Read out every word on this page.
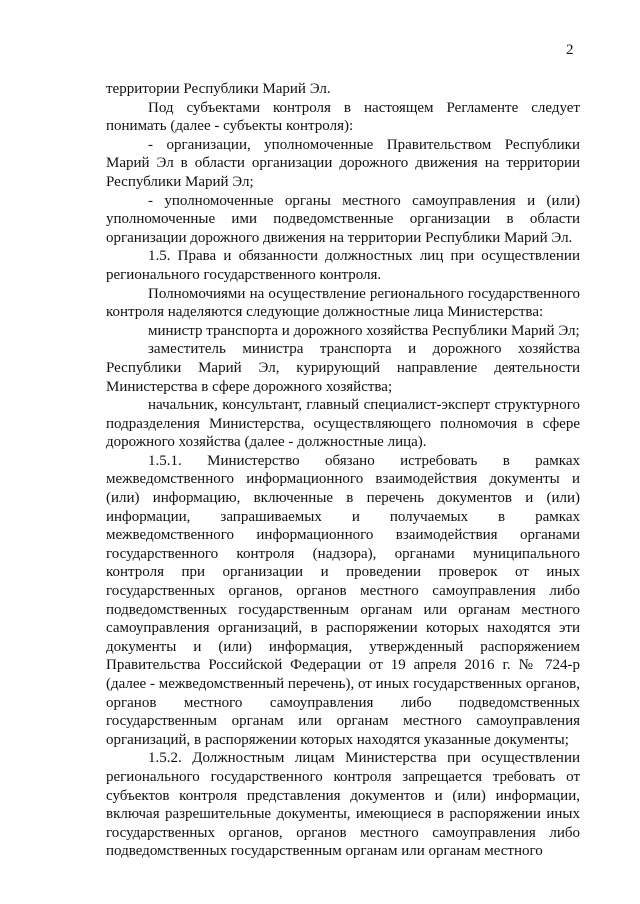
2

территории Республики Марий Эл.

Под субъектами контроля в настоящем Регламенте следует понимать (далее - субъекты контроля):

- организации, уполномоченные Правительством Республики Марий Эл в области организации дорожного движения на территории Республики Марий Эл;

- уполномоченные органы местного самоуправления и (или) уполномоченные ими подведомственные организации в области организации дорожного движения на территории Республики Марий Эл.

1.5. Права и обязанности должностных лиц при осуществлении регионального государственного контроля.

Полномочиями на осуществление регионального государственного контроля наделяются следующие должностные лица Министерства:

министр транспорта и дорожного хозяйства Республики Марий Эл;

заместитель министра транспорта и дорожного хозяйства Республики Марий Эл, курирующий направление деятельности Министерства в сфере дорожного хозяйства;

начальник, консультант, главный специалист-эксперт структурного подразделения Министерства, осуществляющего полномочия в сфере дорожного хозяйства (далее - должностные лица).

1.5.1. Министерство обязано истребовать в рамках межведомственного информационного взаимодействия документы и (или) информацию, включенные в перечень документов и (или) информации, запрашиваемых и получаемых в рамках межведомственного информационного взаимодействия органами государственного контроля (надзора), органами муниципального контроля при организации и проведении проверок от иных государственных органов, органов местного самоуправления либо подведомственных государственным органам или органам местного самоуправления организаций, в распоряжении которых находятся эти документы и (или) информация, утвержденный распоряжением Правительства Российской Федерации от 19 апреля 2016 г. № 724-р (далее - межведомственный перечень), от иных государственных органов, органов местного самоуправления либо подведомственных государственным органам или органам местного самоуправления организаций, в распоряжении которых находятся указанные документы;

1.5.2. Должностным лицам Министерства при осуществлении регионального государственного контроля запрещается требовать от субъектов контроля представления документов и (или) информации, включая разрешительные документы, имеющиеся в распоряжении иных государственных органов, органов местного самоуправления либо подведомственных государственным органам или органам местного
